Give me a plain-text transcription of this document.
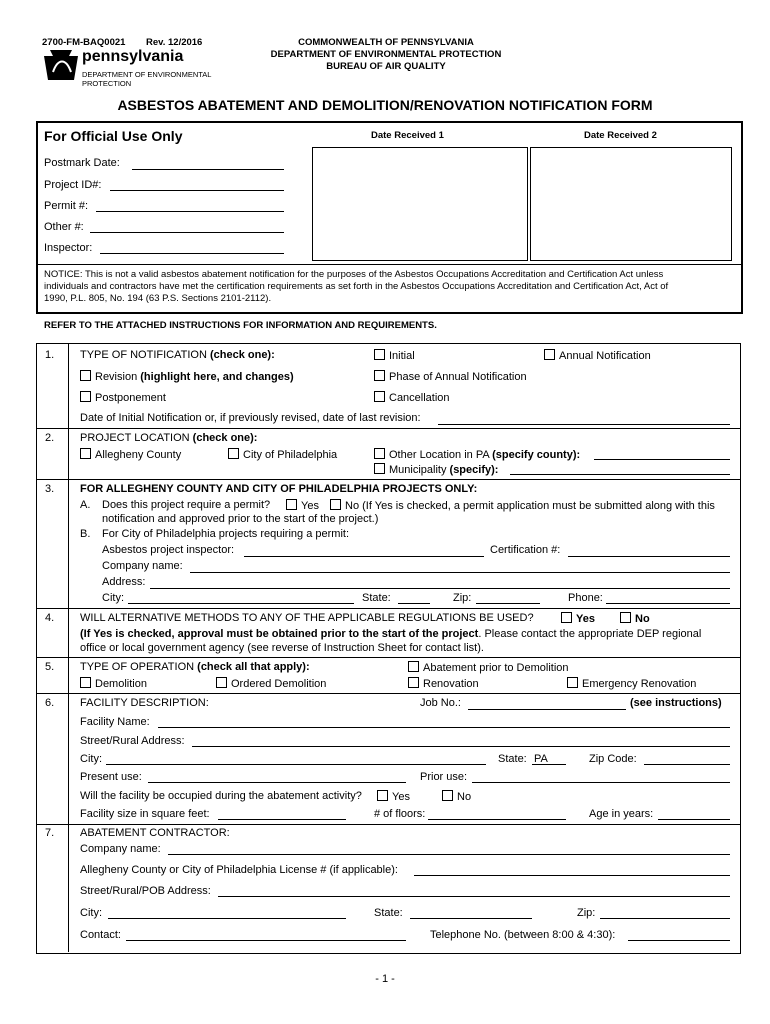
2700-FM-BAQ0021 Rev. 12/2016
pennsylvania
DEPARTMENT OF ENVIRONMENTAL
PROTECTION
COMMONWEALTH OF PENNSYLVANIA
DEPARTMENT OF ENVIRONMENTAL PROTECTION
BUREAU OF AIR QUALITY
ASBESTOS ABATEMENT AND DEMOLITION/RENOVATION NOTIFICATION FORM
For Official Use Only	Date Received 1	Date Received 2
Postmark Date:
Project ID#:
Permit #:
Other #:
Inspector:
NOTICE: This is not a valid asbestos abatement notification for the purposes of the Asbestos Occupations Accreditation and Certification Act unless
individuals and contractors have met the certification requirements as set forth in the Asbestos Occupations Accreditation and Certification Act, Act of
1990, P.L. 805, No. 194 (63 P.S. Sections 2101-2112).
REFER TO THE ATTACHED INSTRUCTIONS FOR INFORMATION AND REQUIREMENTS.
1. TYPE OF NOTIFICATION (check one):	Initial	Annual Notification
Revision (highlight here, and changes)	Phase of Annual Notification
Postponement	Cancellation
Date of Initial Notification or, if previously revised, date of last revision:
2. PROJECT LOCATION (check one):
Allegheny County	City of Philadelphia	Other Location in PA (specify county):
Municipality (specify):
3. FOR ALLEGHENY COUNTY AND CITY OF PHILADELPHIA PROJECTS ONLY:
A. Does this project require a permit?	Yes	No (If Yes is checked, a permit application must be submitted along with this
notification and approved prior to the start of the project.)
B. For City of Philadelphia projects requiring a permit:
Asbestos project inspector:	Certification #:
Company name:
Address:
City:	State:	Zip:	Phone:
4. WILL ALTERNATIVE METHODS TO ANY OF THE APPLICABLE REGULATIONS BE USED?	Yes	No
(If Yes is checked, approval must be obtained prior to the start of the project. Please contact the appropriate DEP regional
office or local government agency (see reverse of Instruction Sheet for contact list).
5. TYPE OF OPERATION (check all that apply):	Abatement prior to Demolition
Demolition	Ordered Demolition	Renovation	Emergency Renovation
6. FACILITY DESCRIPTION:	Job No.:	(see instructions)
Facility Name:
Street/Rural Address:
City:	State: PA	Zip Code:
Present use:	Prior use:
Will the facility be occupied during the abatement activity?	Yes	No
Facility size in square feet:	# of floors:	Age in years:
7. ABATEMENT CONTRACTOR:
Company name:
Allegheny County or City of Philadelphia License # (if applicable):
Street/Rural/POB Address:
City:	State:	Zip:
Contact:	Telephone No. (between 8:00 & 4:30):
- 1 -
